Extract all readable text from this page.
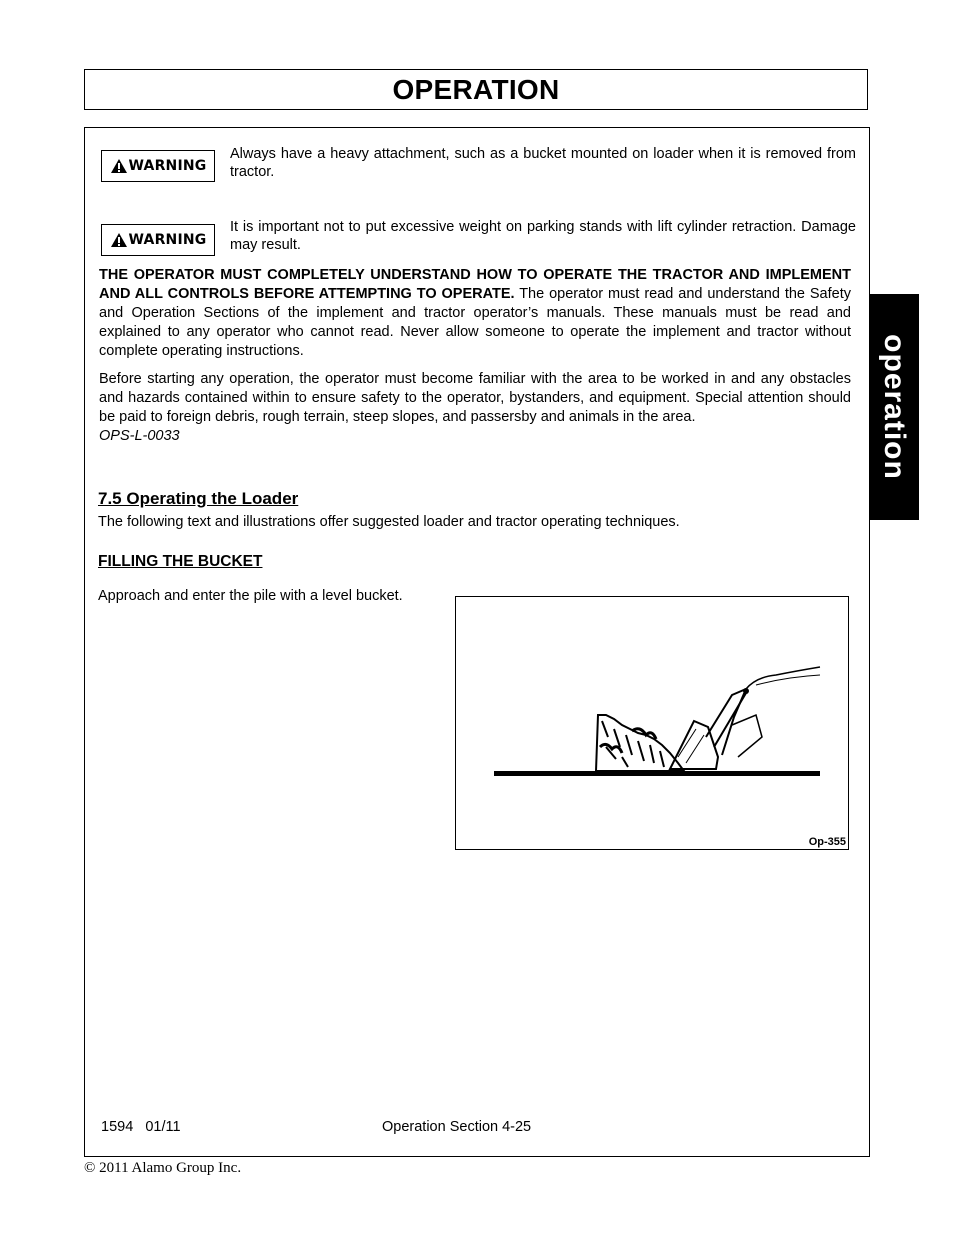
OPERATION
operation
WARNING
Always have a heavy attachment, such as a bucket mounted on loader when it is removed from tractor.
WARNING
It is important not to put excessive weight on parking stands with lift cylinder retraction. Damage may result.
THE OPERATOR MUST COMPLETELY UNDERSTAND HOW TO OPERATE THE TRACTOR AND IMPLEMENT AND ALL CONTROLS BEFORE ATTEMPTING TO OPERATE. The operator must read and understand the Safety and Operation Sections of the implement and tractor operator’s manuals. These manuals must be read and explained to any operator who cannot read. Never allow someone to operate the implement and tractor without complete operating instructions.
Before starting any operation, the operator must become familiar with the area to be worked in and any obstacles and hazards contained within to ensure safety to the operator, bystanders, and equipment. Special attention should be paid to foreign debris, rough terrain, steep slopes, and passersby and animals in the area.
OPS-L-0033
7.5 Operating the Loader
The following text and illustrations offer suggested loader and tractor operating techniques.
FILLING THE BUCKET
Approach and enter the pile with a level bucket.
Op-355
1594   01/11	Operation Section 4-25
© 2011 Alamo Group Inc.
